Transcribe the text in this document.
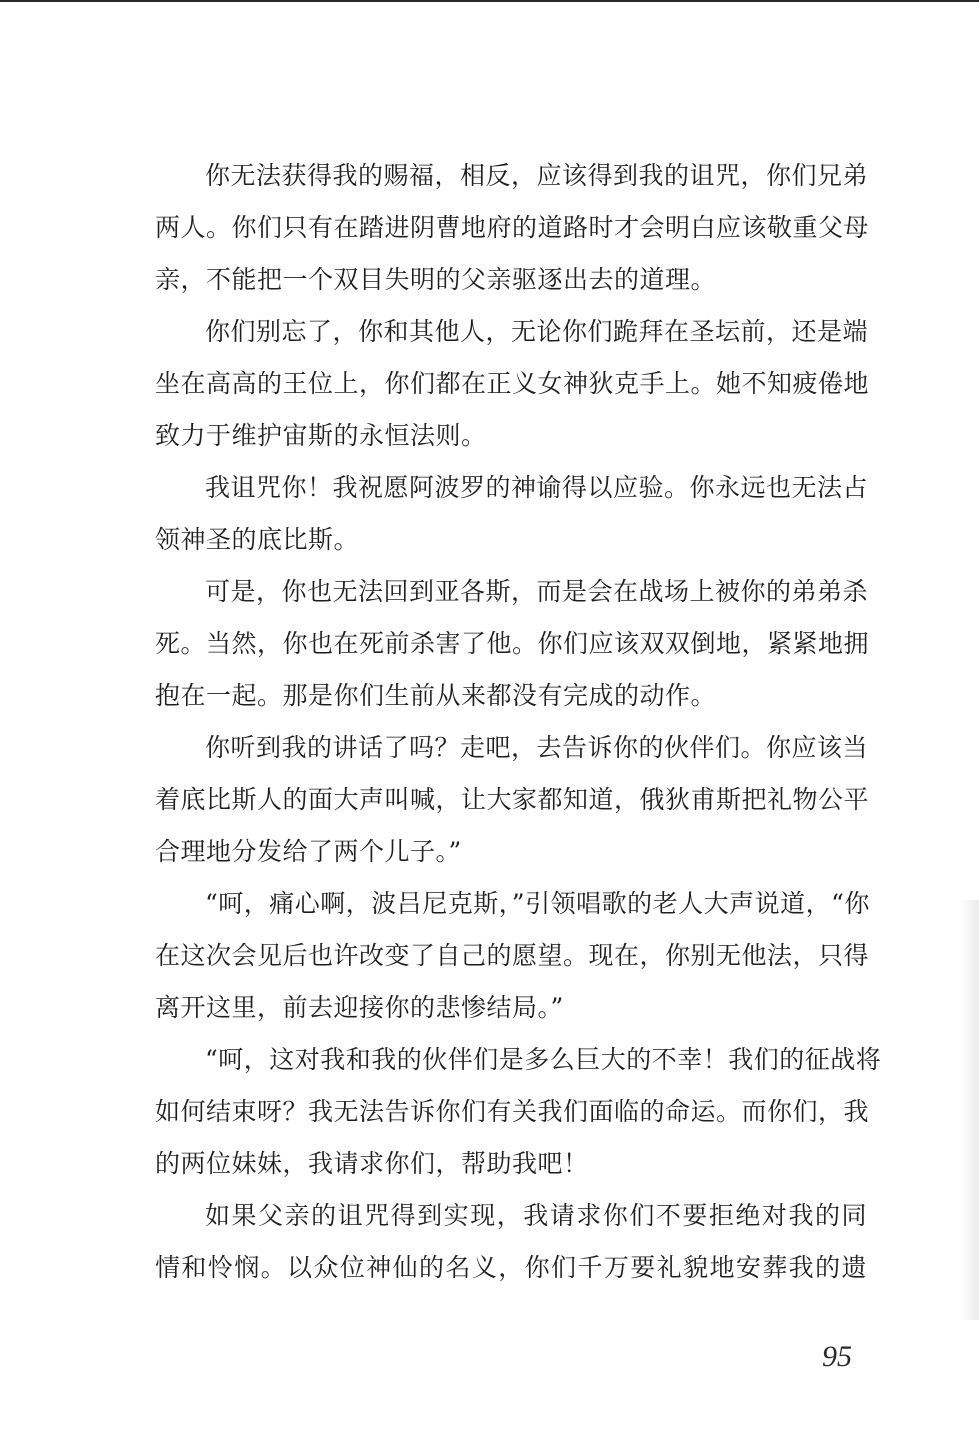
你无法获得我的赐福，相反，应该得到我的诅咒，你们兄弟
两人。你们只有在踏进阴曹地府的道路时才会明白应该敬重父母
亲，不能把一个双目失明的父亲驱逐出去的道理。
你们别忘了，你和其他人，无论你们跪拜在圣坛前，还是端
坐在高高的王位上，你们都在正义女神狄克手上。她不知疲倦地
致力于维护宙斯的永恒法则。
我诅咒你！我祝愿阿波罗的神谕得以应验。你永远也无法占
领神圣的底比斯。
可是，你也无法回到亚各斯，而是会在战场上被你的弟弟杀
死。当然，你也在死前杀害了他。你们应该双双倒地，紧紧地拥
抱在一起。那是你们生前从来都没有完成的动作。
你听到我的讲话了吗？走吧，去告诉你的伙伴们。你应该当
着底比斯人的面大声叫喊，让大家都知道，俄狄甫斯把礼物公平
合理地分发给了两个儿子。”
“呵，痛心啊，波吕尼克斯，”引领唱歌的老人大声说道，“你
在这次会见后也许改变了自己的愿望。现在，你别无他法，只得
离开这里，前去迎接你的悲惨结局。”
“呵，这对我和我的伙伴们是多么巨大的不幸！我们的征战将
如何结束呀？我无法告诉你们有关我们面临的命运。而你们，我
的两位妹妹，我请求你们，帮助我吧！
如果父亲的诅咒得到实现，我请求你们不要拒绝对我的同
情和怜悯。以众位神仙的名义，你们千万要礼貌地安葬我的遗
95
